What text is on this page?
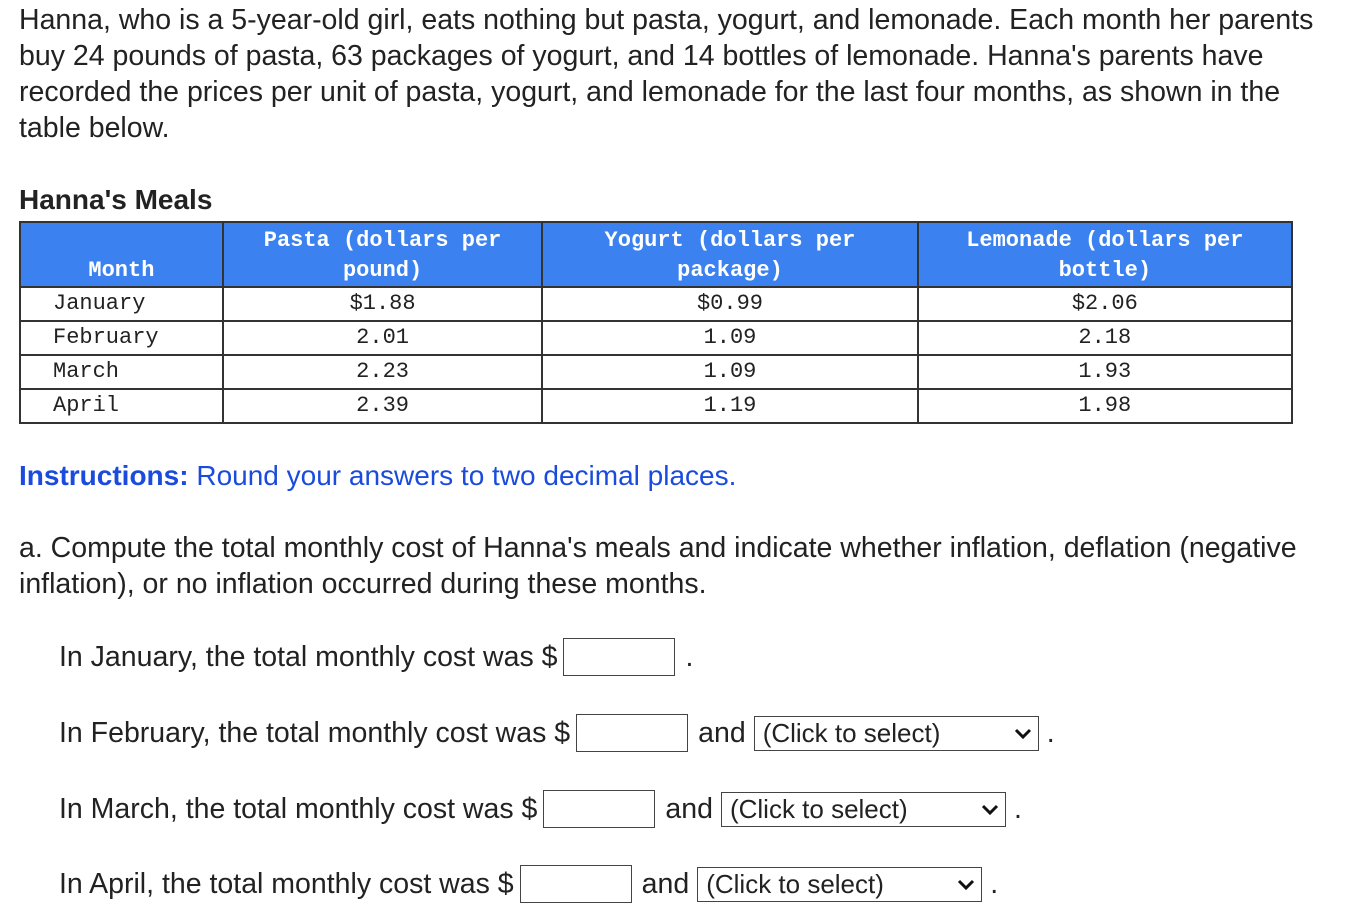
Hanna, who is a 5-year-old girl, eats nothing but pasta, yogurt, and lemonade. Each month her parents buy 24 pounds of pasta, 63 packages of yogurt, and 14 bottles of lemonade. Hanna's parents have recorded the prices per unit of pasta, yogurt, and lemonade for the last four months, as shown in the table below.

Hanna's Meals

Month	Pasta (dollars per pound)	Yogurt (dollars per package)	Lemonade (dollars per bottle)
January	$1.88	$0.99	$2.06
February	2.01	1.09	2.18
March	2.23	1.09	1.93
April	2.39	1.19	1.98

Instructions: Round your answers to two decimal places.

a. Compute the total monthly cost of Hanna's meals and indicate whether inflation, deflation (negative inflation), or no inflation occurred during these months.

In January, the total monthly cost was $	.
In February, the total monthly cost was $	and (Click to select)	.
In March, the total monthly cost was $	and (Click to select)	.
In April, the total monthly cost was $	and (Click to select)	.
